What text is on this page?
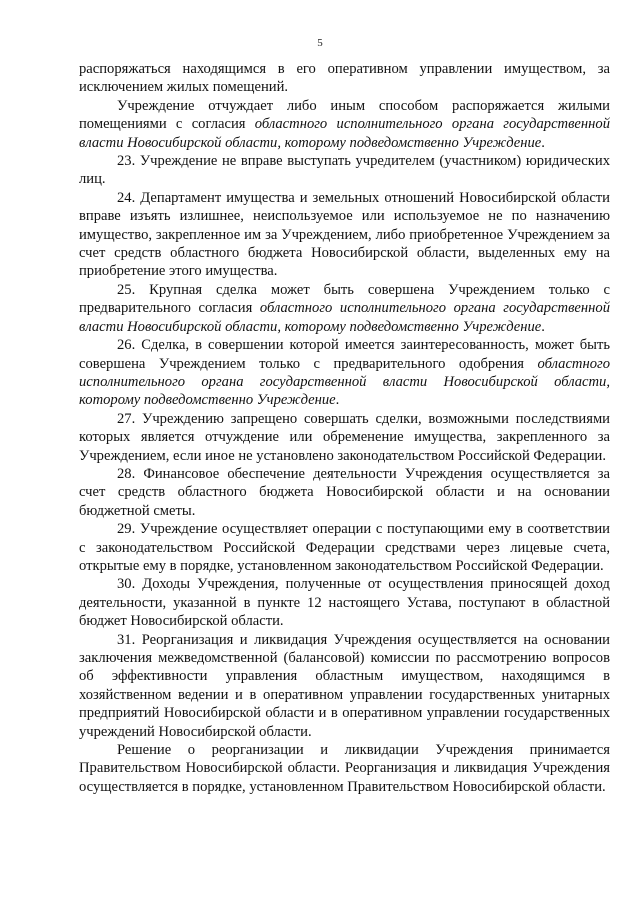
5

распоряжаться находящимся в его оперативном управлении имуществом, за исключением жилых помещений.

Учреждение отчуждает либо иным способом распоряжается жилыми помещениями с согласия областного исполнительного органа государственной власти Новосибирской области, которому подведомственно Учреждение.

23. Учреждение не вправе выступать учредителем (участником) юридических лиц.

24. Департамент имущества и земельных отношений Новосибирской области вправе изъять излишнее, неиспользуемое или используемое не по назначению имущество, закрепленное им за Учреждением, либо приобретенное Учреждением за счет средств областного бюджета Новосибирской области, выделенных ему на приобретение этого имущества.

25. Крупная сделка может быть совершена Учреждением только с предварительного согласия областного исполнительного органа государственной власти Новосибирской области, которому подведомственно Учреждение.

26. Сделка, в совершении которой имеется заинтересованность, может быть совершена Учреждением только с предварительного одобрения областного исполнительного органа государственной власти Новосибирской области, которому подведомственно Учреждение.

27. Учреждению запрещено совершать сделки, возможными последствиями которых является отчуждение или обременение имущества, закрепленного за Учреждением, если иное не установлено законодательством Российской Федерации.

28. Финансовое обеспечение деятельности Учреждения осуществляется за счет средств областного бюджета Новосибирской области и на основании бюджетной сметы.

29. Учреждение осуществляет операции с поступающими ему в соответствии с законодательством Российской Федерации средствами через лицевые счета, открытые ему в порядке, установленном законодательством Российской Федерации.

30. Доходы Учреждения, полученные от осуществления приносящей доход деятельности, указанной в пункте 12 настоящего Устава, поступают в областной бюджет Новосибирской области.

31. Реорганизация и ликвидация Учреждения осуществляется на основании заключения межведомственной (балансовой) комиссии по рассмотрению вопросов об эффективности управления областным имуществом, находящимся в хозяйственном ведении и в оперативном управлении государственных унитарных предприятий Новосибирской области и в оперативном управлении государственных учреждений Новосибирской области.

Решение о реорганизации и ликвидации Учреждения принимается Правительством Новосибирской области. Реорганизация и ликвидация Учреждения осуществляется в порядке, установленном Правительством Новосибирской области.
